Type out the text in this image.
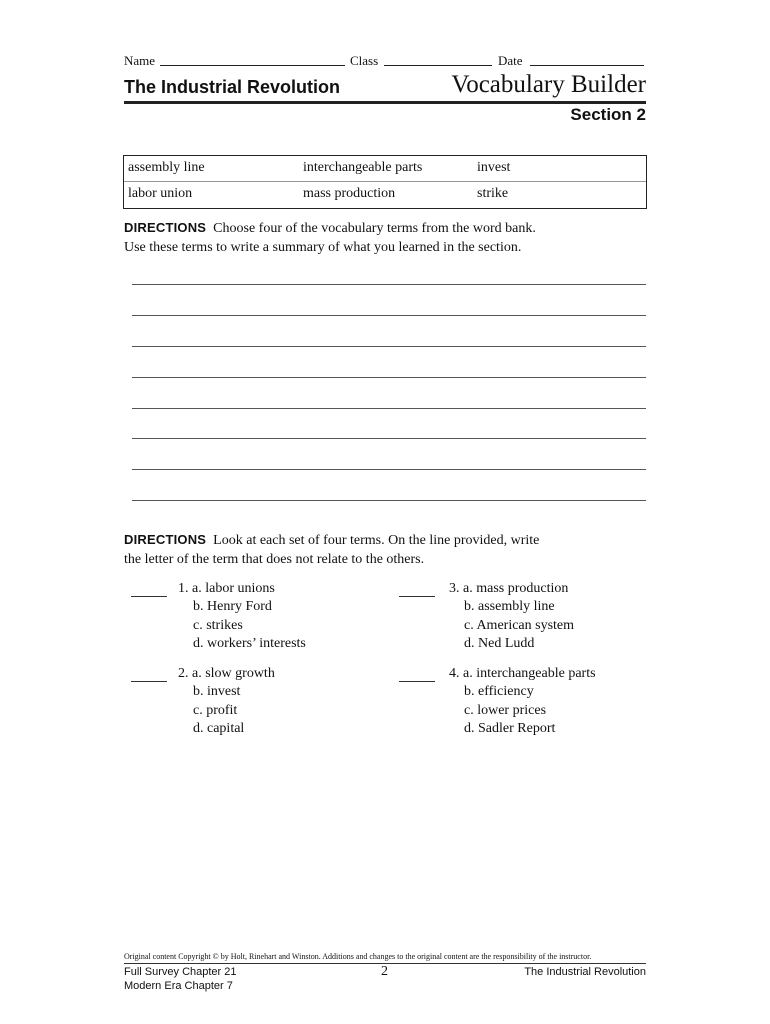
Name	Class	Date
The Industrial Revolution	Vocabulary Builder
Section 2
assembly line	interchangeable parts	invest
labor union	mass production	strike
DIRECTIONS Choose four of the vocabulary terms from the word bank.
Use these terms to write a summary of what you learned in the section.
DIRECTIONS Look at each set of four terms. On the line provided, write
the letter of the term that does not relate to the others.
1. a. labor unions
b. Henry Ford
c. strikes
d. workers’ interests
3. a. mass production
b. assembly line
c. American system
d. Ned Ludd
2. a. slow growth
b. invest
c. profit
d. capital
4. a. interchangeable parts
b. efficiency
c. lower prices
d. Sadler Report
Original content Copyright © by Holt, Rinehart and Winston. Additions and changes to the original content are the responsibility of the instructor.
Full Survey Chapter 21
Modern Era Chapter 7
2	The Industrial Revolution
